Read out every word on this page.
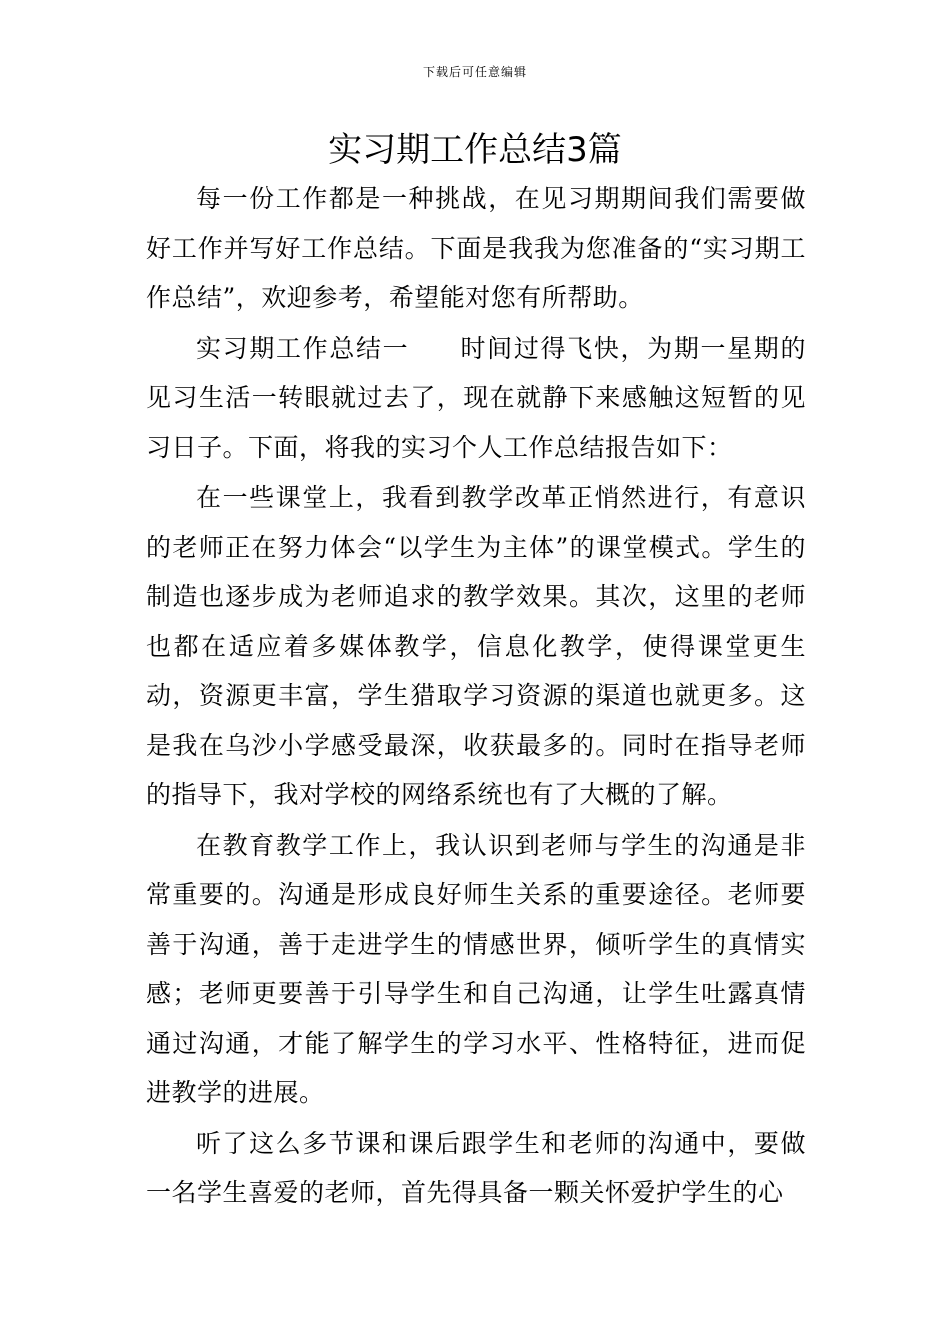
下载后可任意编辑
实习期工作总结3篇

每一份工作都是一种挑战，在见习期期间我们需要做好工作并写好工作总结。下面是我我为您准备的“实习期工作总结”，欢迎参考，希望能对您有所帮助。

实习期工作总结一 时间过得飞快，为期一星期的见习生活一转眼就过去了，现在就静下来感触这短暂的见习日子。下面，将我的实习个人工作总结报告如下：

在一些课堂上，我看到教学改革正悄然进行，有意识的老师正在努力体会“以学生为主体”的课堂模式。学生的制造也逐步成为老师追求的教学效果。其次，这里的老师也都在适应着多媒体教学，信息化教学，使得课堂更生动，资源更丰富，学生猎取学习资源的渠道也就更多。这是我在乌沙小学感受最深，收获最多的。同时在指导老师的指导下，我对学校的网络系统也有了大概的了解。

在教育教学工作上，我认识到老师与学生的沟通是非常重要的。沟通是形成良好师生关系的重要途径。老师要善于沟通，善于走进学生的情感世界，倾听学生的真情实感；老师更要善于引导学生和自己沟通，让学生吐露真情通过沟通，才能了解学生的学习水平、性格特征，进而促进教学的进展。

听了这么多节课和课后跟学生和老师的沟通中，要做一名学生喜爱的老师，首先得具备一颗关怀爱护学生的心
